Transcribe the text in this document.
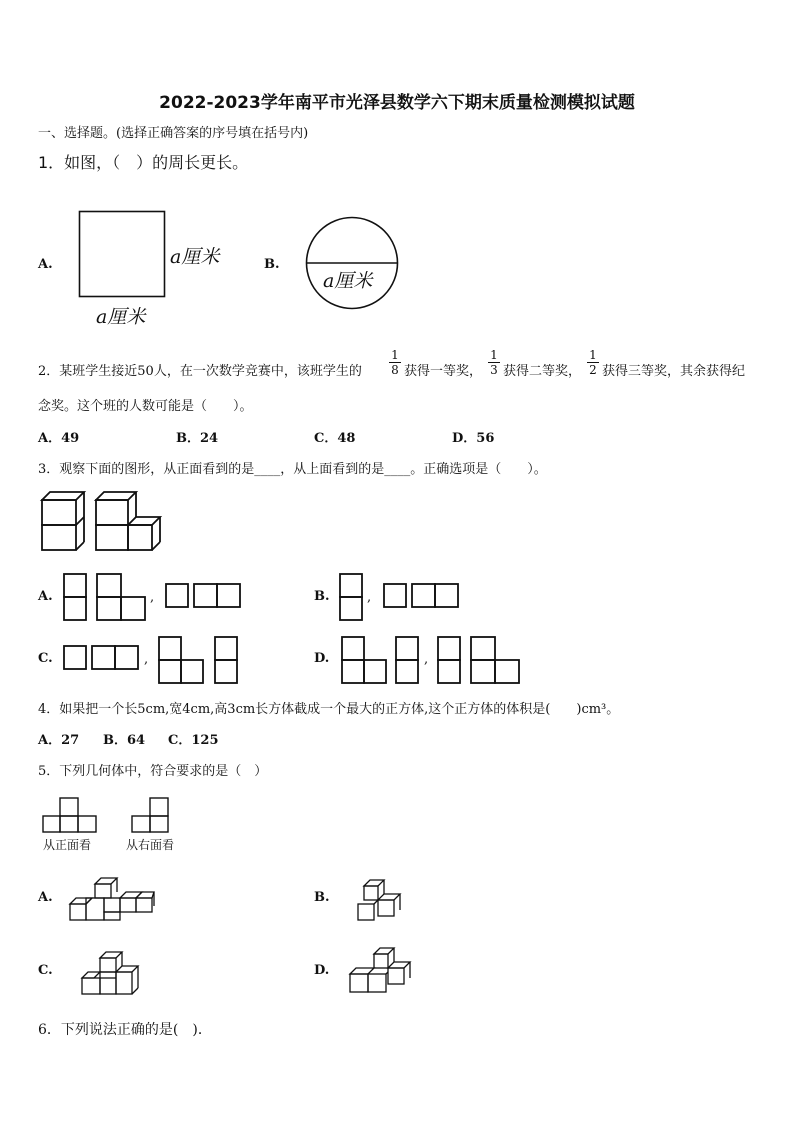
2022-2023学年南平市光泽县数学六下期末质量检测模拟试题
一、选择题。(选择正确答案的序号填在括号内)
1．如图，（　）的周长更长。
A.	a厘米
a厘米
B.
a厘米
2．某班学生接近50人，在一次数学竞赛中，该班学生的 $\frac{1}{8}$ 获得一等奖， $\frac{1}{3}$ 获得二等奖， $\frac{1}{2}$ 获得三等奖，其余获得纪
念奖。这个班的人数可能是（　　）。
A．49	B．24	C．48	D．56
3．观察下面的图形，从正面看到的是____，从上面看到的是____。正确选项是（　　）。
A.	,	B.	,
C.	,	D.	,
4．如果把一个长5cm,宽4cm,高3cm长方体截成一个最大的正方体,这个正方体的体积是(　　)cm³。
A．27 B．64 C．125
5．下列几何体中，符合要求的是（　）
从正面看	从右面看
A.	B.
C.	D.
6．下列说法正确的是(　)．
